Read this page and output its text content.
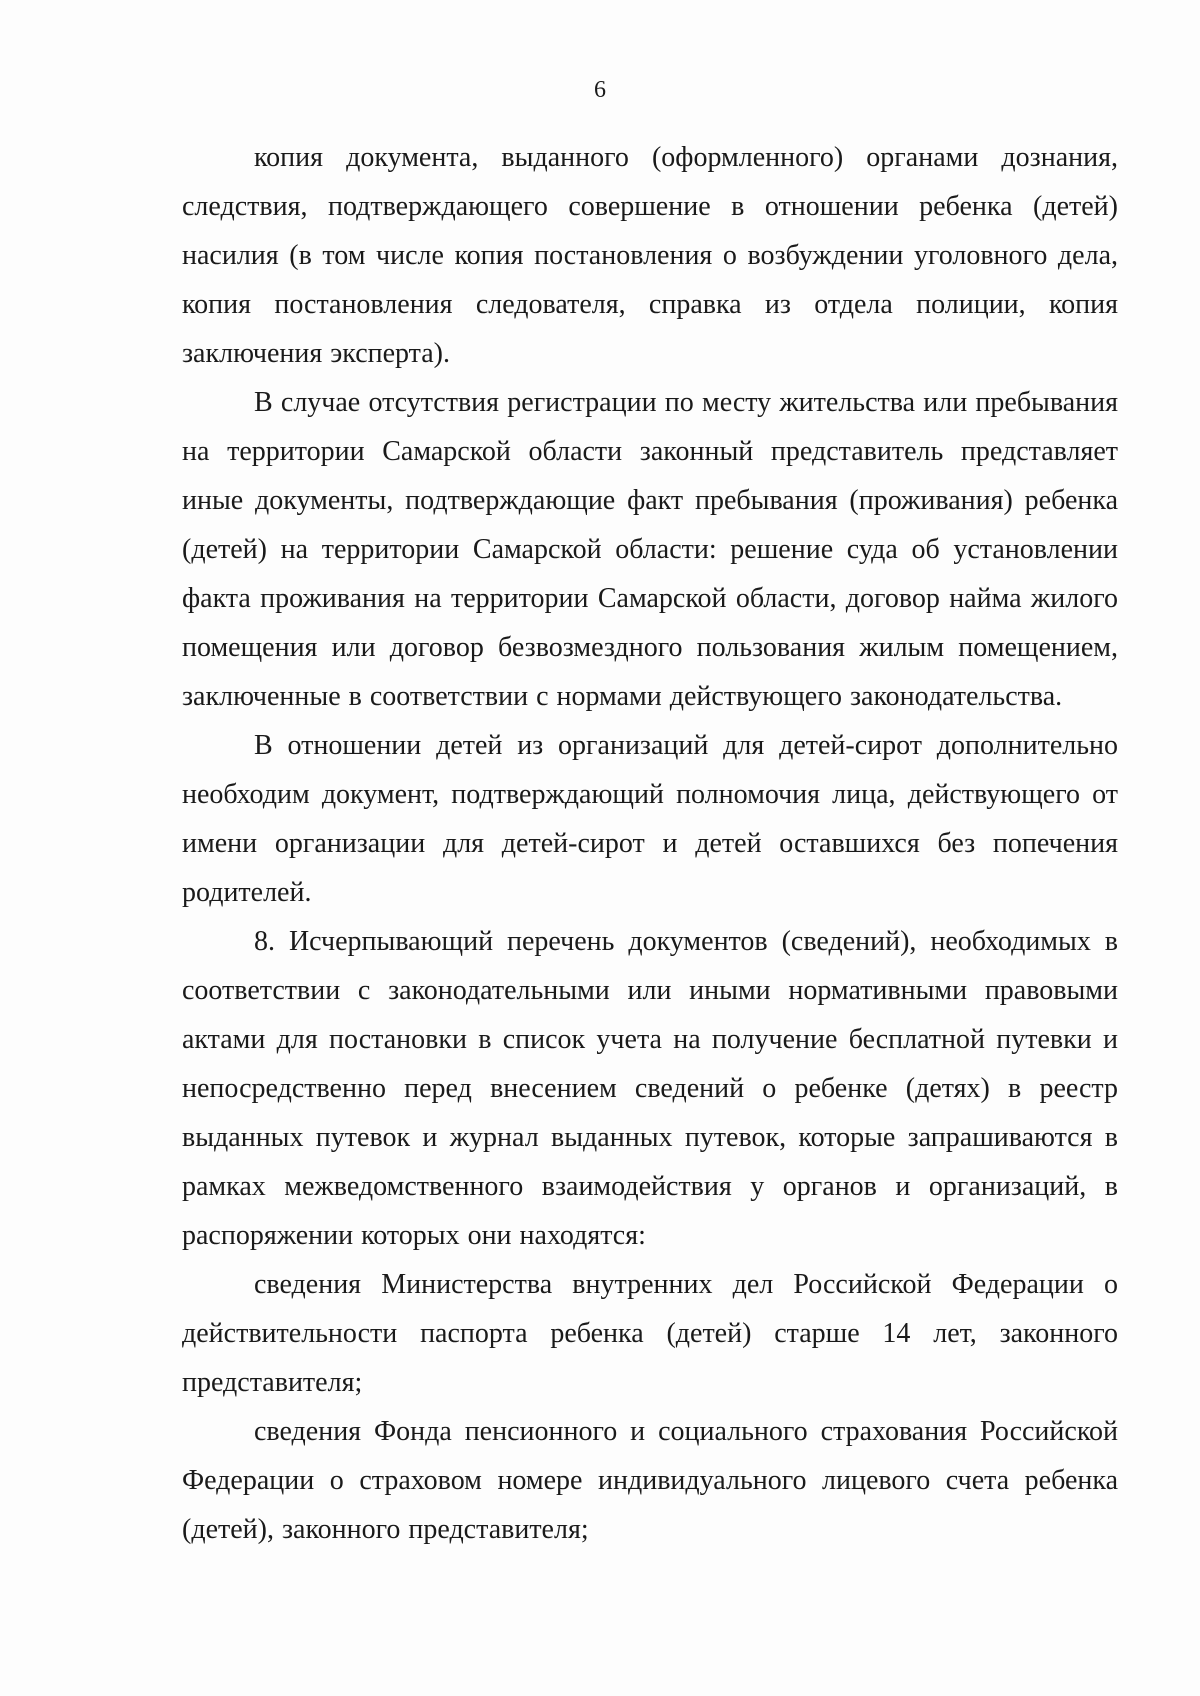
6

копия документа, выданного (оформленного) органами дознания, следствия, подтверждающего совершение в отношении ребенка (детей) насилия (в том числе копия постановления о возбуждении уголовного дела, копия постановления следователя, справка из отдела полиции, копия заключения эксперта).

В случае отсутствия регистрации по месту жительства или пребывания на территории Самарской области законный представитель представляет иные документы, подтверждающие факт пребывания (проживания) ребенка (детей) на территории Самарской области: решение суда об установлении факта проживания на территории Самарской области, договор найма жилого помещения или договор безвозмездного пользования жилым помещением, заключенные в соответствии с нормами действующего законодательства.

В отношении детей из организаций для детей-сирот дополнительно необходим документ, подтверждающий полномочия лица, действующего от имени организации для детей-сирот и детей оставшихся без попечения родителей.

8. Исчерпывающий перечень документов (сведений), необходимых в соответствии с законодательными или иными нормативными правовыми актами для постановки в список учета на получение бесплатной путевки и непосредственно перед внесением сведений о ребенке (детях) в реестр выданных путевок и журнал выданных путевок, которые запрашиваются в рамках межведомственного взаимодействия у органов и организаций, в распоряжении которых они находятся:

сведения Министерства внутренних дел Российской Федерации о действительности паспорта ребенка (детей) старше 14 лет, законного представителя;

сведения Фонда пенсионного и социального страхования Российской Федерации о страховом номере индивидуального лицевого счета ребенка (детей), законного представителя;
